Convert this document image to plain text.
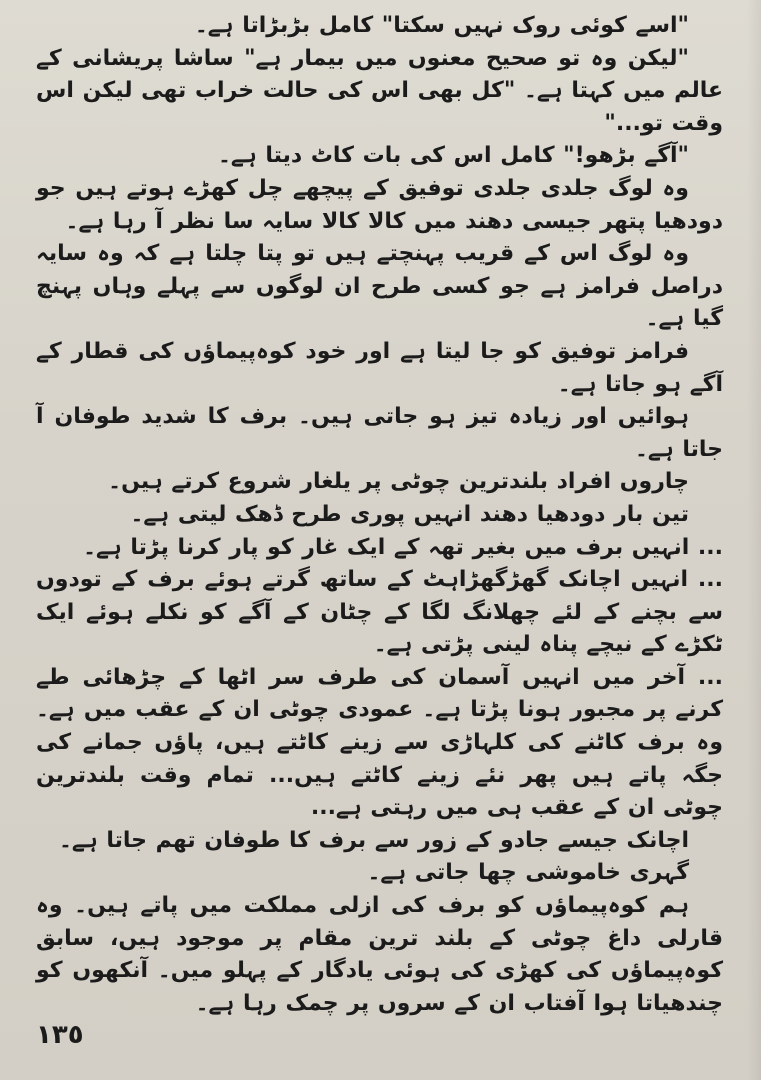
"اسے کوئی روک نہیں سکتا" کامل بڑبڑاتا ہے۔

"لیکن وہ تو صحیح معنوں میں بیمار ہے" ساشا پریشانی کے عالم میں کہتا ہے۔ "کل بھی اس کی حالت خراب تھی لیکن اس وقت تو..."

"آگے بڑھو!" کامل اس کی بات کاٹ دیتا ہے۔

وہ لوگ جلدی جلدی توفیق کے پیچھے چل کھڑے ہوتے ہیں جو دودھیا پتھر جیسی دھند میں کالا کالا سایہ سا نظر آ رہا ہے۔

وہ لوگ اس کے قریب پہنچتے ہیں تو پتا چلتا ہے کہ وہ سایہ دراصل فرامز ہے جو کسی طرح ان لوگوں سے پہلے وہاں پہنچ گیا ہے۔

فرامز توفیق کو جا لیتا ہے اور خود کوہ‌پیماؤں کی قطار کے آگے ہو جاتا ہے۔

ہوائیں اور زیادہ تیز ہو جاتی ہیں۔ برف کا شدید طوفان آ جاتا ہے۔

چاروں افراد بلندترین چوٹی پر یلغار شروع کرتے ہیں۔

تین بار دودھیا دھند انہیں پوری طرح ڈھک لیتی ہے۔

... انہیں برف میں بغیر تھہ کے ایک غار کو پار کرنا پڑتا ہے۔

... انہیں اچانک گھڑگھڑاہٹ کے ساتھ گرتے ہوئے برف کے تودوں سے بچنے کے لئے چھلانگ لگا کے چٹان کے آگے کو نکلے ہوئے ایک ٹکڑے کے نیچے پناہ لینی پڑتی ہے۔

... آخر میں انہیں آسمان کی طرف سر اٹھا کے چڑھائی طے کرنے پر مجبور ہونا پڑتا ہے۔ عمودی چوٹی ان کے عقب میں ہے۔ وہ برف کاٹنے کی کلہاڑی سے زینے کاٹتے ہیں، پاؤں جمانے کی جگہ پاتے ہیں پھر نئے زینے کاٹتے ہیں... تمام وقت بلندترین چوٹی ان کے عقب ہی میں رہتی ہے...

اچانک جیسے جادو کے زور سے برف کا طوفان تھم جاتا ہے۔

گہری خاموشی چھا جاتی ہے۔

ہم کوہ‌پیماؤں کو برف کی ازلی مملکت میں پاتے ہیں۔ وہ قارلی داغ چوٹی کے بلند ترین مقام پر موجود ہیں، سابق کوہ‌پیماؤں کی کھڑی کی ہوئی یادگار کے پہلو میں۔ آنکھوں کو چندھیاتا ہوا آفتاب ان کے سروں پر چمک رہا ہے۔

١٣٥
